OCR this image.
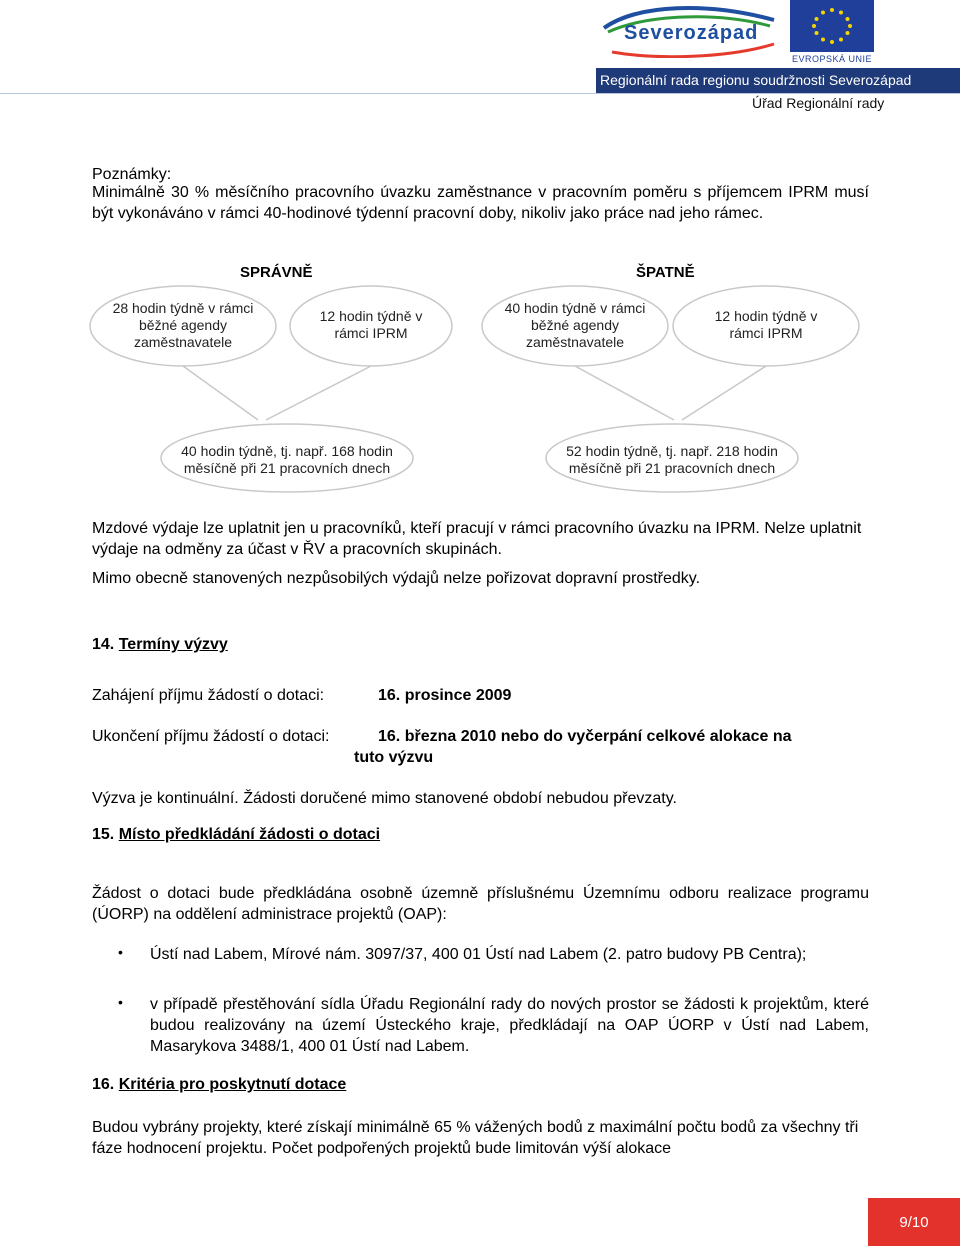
Severozápad
EVROPSKÁ UNIE
Regionální rada regionu soudržnosti Severozápad
Úřad Regionální rady
Poznámky:
Minimálně 30 % měsíčního pracovního úvazku zaměstnance v pracovním poměru s příjemcem IPRM musí být vykonáváno v rámci 40-hodinové týdenní pracovní doby, nikoliv jako práce nad jeho rámec.
SPRÁVNĚ	ŠPATNĚ
28 hodin týdně v rámci běžné agendy zaměstnavatele
12 hodin týdně v rámci IPRM
40 hodin týdně v rámci běžné agendy zaměstnavatele
12 hodin týdně v rámci IPRM
40 hodin týdně, tj. např. 168 hodin měsíčně při 21 pracovních dnech
52 hodin týdně, tj. např. 218 hodin měsíčně při 21 pracovních dnech
Mzdové výdaje lze uplatnit jen u pracovníků, kteří pracují v rámci pracovního úvazku na IPRM. Nelze uplatnit výdaje na odměny za účast v ŘV a pracovních skupinách.
Mimo obecně stanovených nezpůsobilých výdajů nelze pořizovat dopravní prostředky.
14. Termíny výzvy
Zahájení příjmu žádostí o dotaci:	16. prosince 2009
Ukončení příjmu žádostí o dotaci:	16. března 2010 nebo do vyčerpání celkové alokace na
tuto výzvu
Výzva je kontinuální. Žádosti doručené mimo stanovené období nebudou převzaty.
15. Místo předkládání žádosti o dotaci
Žádost o dotaci bude předkládána osobně územně příslušnému Územnímu odboru realizace programu (ÚORP) na oddělení administrace projektů (OAP):
• Ústí nad Labem, Mírové nám. 3097/37, 400 01 Ústí nad Labem (2. patro budovy PB Centra);
• v případě přestěhování sídla Úřadu Regionální rady do nových prostor se žádosti k projektům, které budou realizovány na území Ústeckého kraje, předkládají na OAP ÚORP v Ústí nad Labem, Masarykova 3488/1, 400 01 Ústí nad Labem.
16. Kritéria pro poskytnutí dotace
Budou vybrány projekty, které získají minimálně 65 % vážených bodů z maximální počtu bodů za všechny tři fáze hodnocení projektu. Počet podpořených projektů bude limitován výší alokace
9/10
